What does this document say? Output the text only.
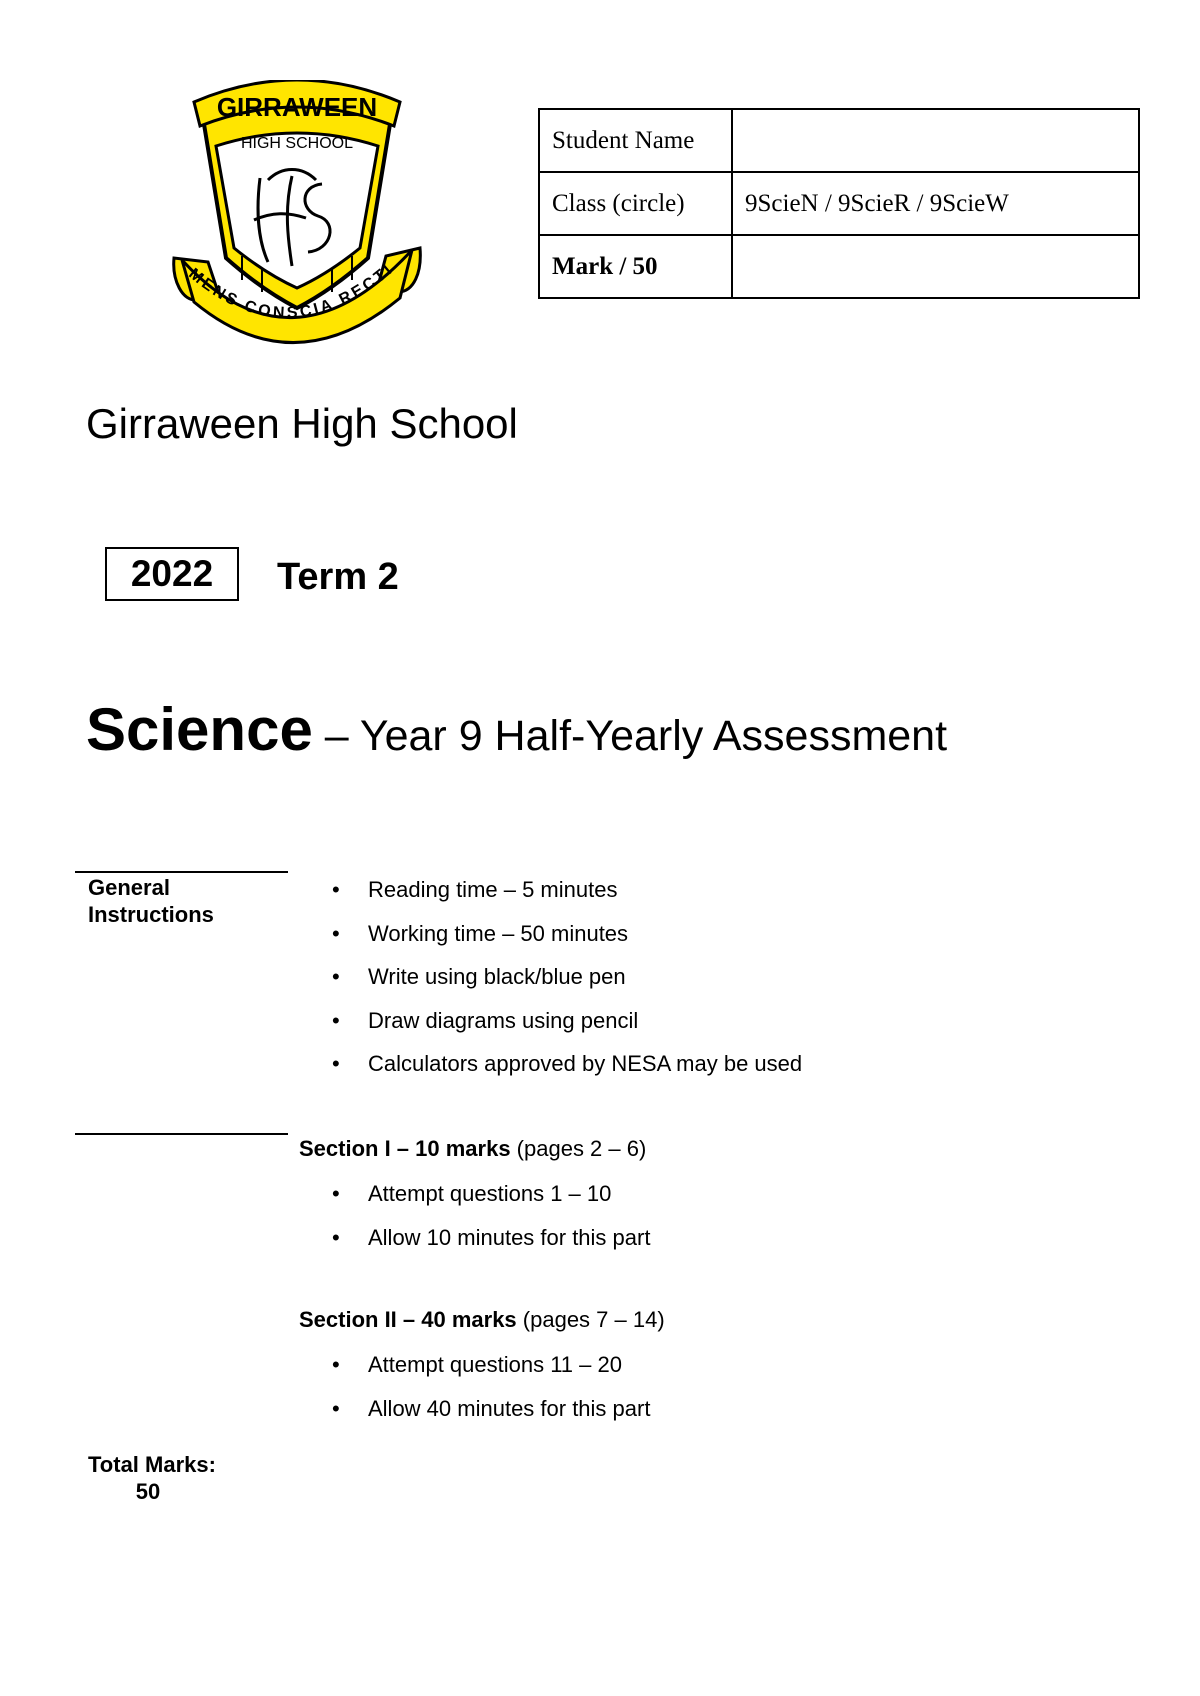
GIRRAWEEN
HIGH SCHOOL
MENS CONSCIA RECTI
Student Name	
Class (circle)	9ScieN / 9ScieR / 9ScieW
Mark / 50	
Girraween High School
2022	Term 2
Science – Year 9 Half-Yearly Assessment
General
Instructions
• Reading time – 5 minutes
• Working time – 50 minutes
• Write using black/blue pen
• Draw diagrams using pencil
• Calculators approved by NESA may be used
Section I – 10 marks (pages 2 – 6)
• Attempt questions 1 – 10
• Allow 10 minutes for this part
Section II – 40 marks (pages 7 – 14)
• Attempt questions 11 – 20
• Allow 40 minutes for this part
Total Marks:
50
